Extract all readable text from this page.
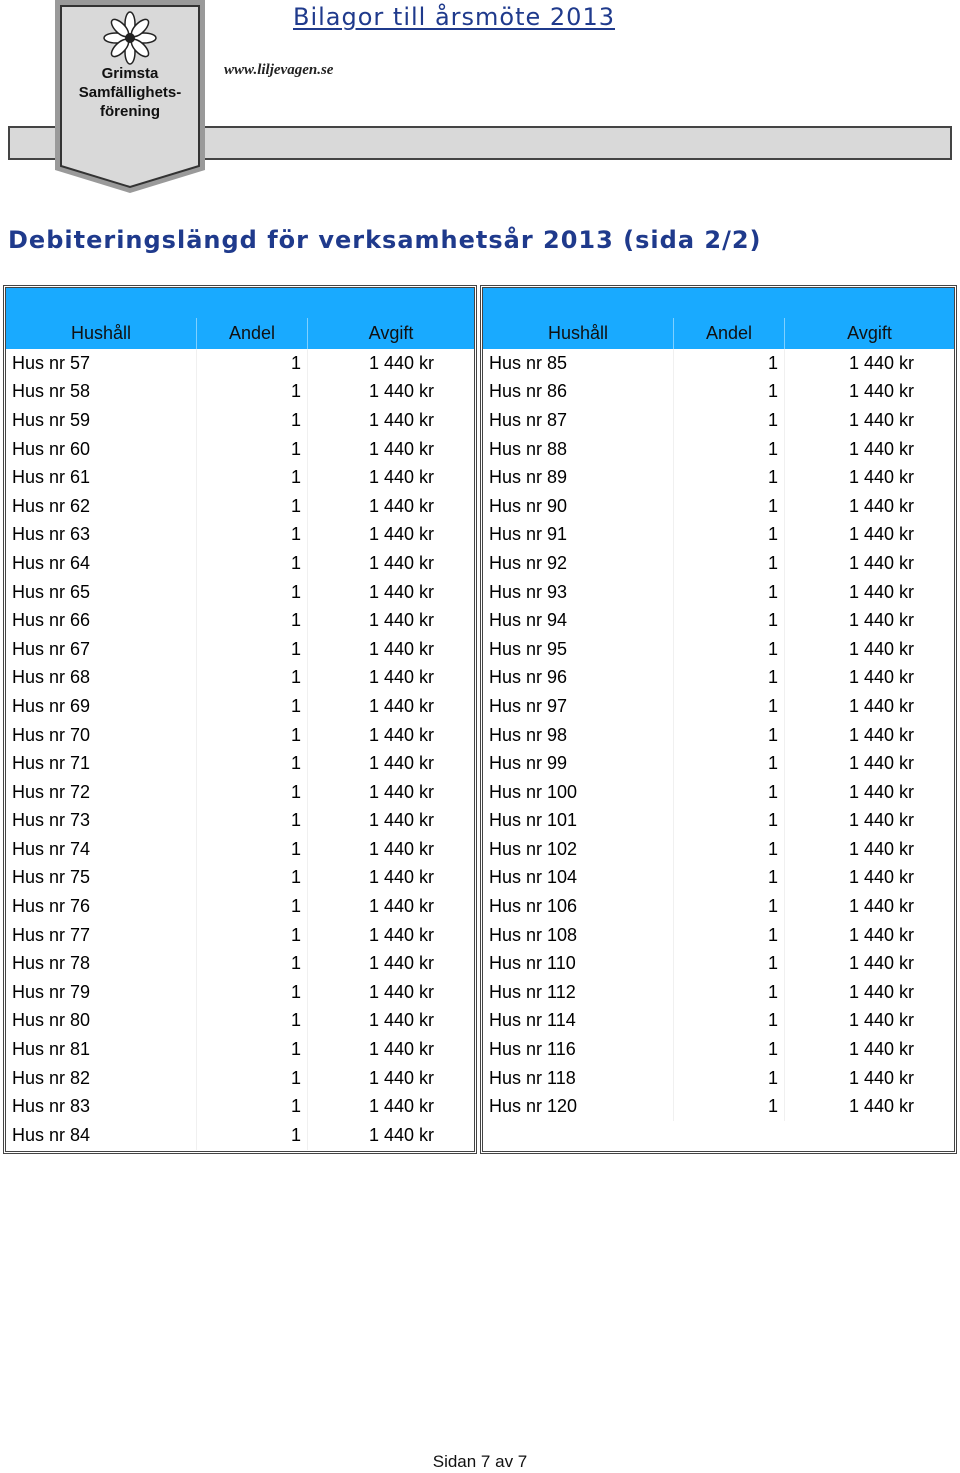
Grimsta
Samfällighets-
förening
www.liljevagen.se
Bilagor till årsmöte 2013
Debiteringslängd för verksamhetsår 2013 (sida 2/2)
Hushåll	Andel	Avgift
Hus nr 57	1	1 440 kr
Hus nr 58	1	1 440 kr
Hus nr 59	1	1 440 kr
Hus nr 60	1	1 440 kr
Hus nr 61	1	1 440 kr
Hus nr 62	1	1 440 kr
Hus nr 63	1	1 440 kr
Hus nr 64	1	1 440 kr
Hus nr 65	1	1 440 kr
Hus nr 66	1	1 440 kr
Hus nr 67	1	1 440 kr
Hus nr 68	1	1 440 kr
Hus nr 69	1	1 440 kr
Hus nr 70	1	1 440 kr
Hus nr 71	1	1 440 kr
Hus nr 72	1	1 440 kr
Hus nr 73	1	1 440 kr
Hus nr 74	1	1 440 kr
Hus nr 75	1	1 440 kr
Hus nr 76	1	1 440 kr
Hus nr 77	1	1 440 kr
Hus nr 78	1	1 440 kr
Hus nr 79	1	1 440 kr
Hus nr 80	1	1 440 kr
Hus nr 81	1	1 440 kr
Hus nr 82	1	1 440 kr
Hus nr 83	1	1 440 kr
Hus nr 84	1	1 440 kr
Hushåll	Andel	Avgift
Hus nr 85	1	1 440 kr
Hus nr 86	1	1 440 kr
Hus nr 87	1	1 440 kr
Hus nr 88	1	1 440 kr
Hus nr 89	1	1 440 kr
Hus nr 90	1	1 440 kr
Hus nr 91	1	1 440 kr
Hus nr 92	1	1 440 kr
Hus nr 93	1	1 440 kr
Hus nr 94	1	1 440 kr
Hus nr 95	1	1 440 kr
Hus nr 96	1	1 440 kr
Hus nr 97	1	1 440 kr
Hus nr 98	1	1 440 kr
Hus nr 99	1	1 440 kr
Hus nr 100	1	1 440 kr
Hus nr 101	1	1 440 kr
Hus nr 102	1	1 440 kr
Hus nr 104	1	1 440 kr
Hus nr 106	1	1 440 kr
Hus nr 108	1	1 440 kr
Hus nr 110	1	1 440 kr
Hus nr 112	1	1 440 kr
Hus nr 114	1	1 440 kr
Hus nr 116	1	1 440 kr
Hus nr 118	1	1 440 kr
Hus nr 120	1	1 440 kr
Sidan 7 av 7
